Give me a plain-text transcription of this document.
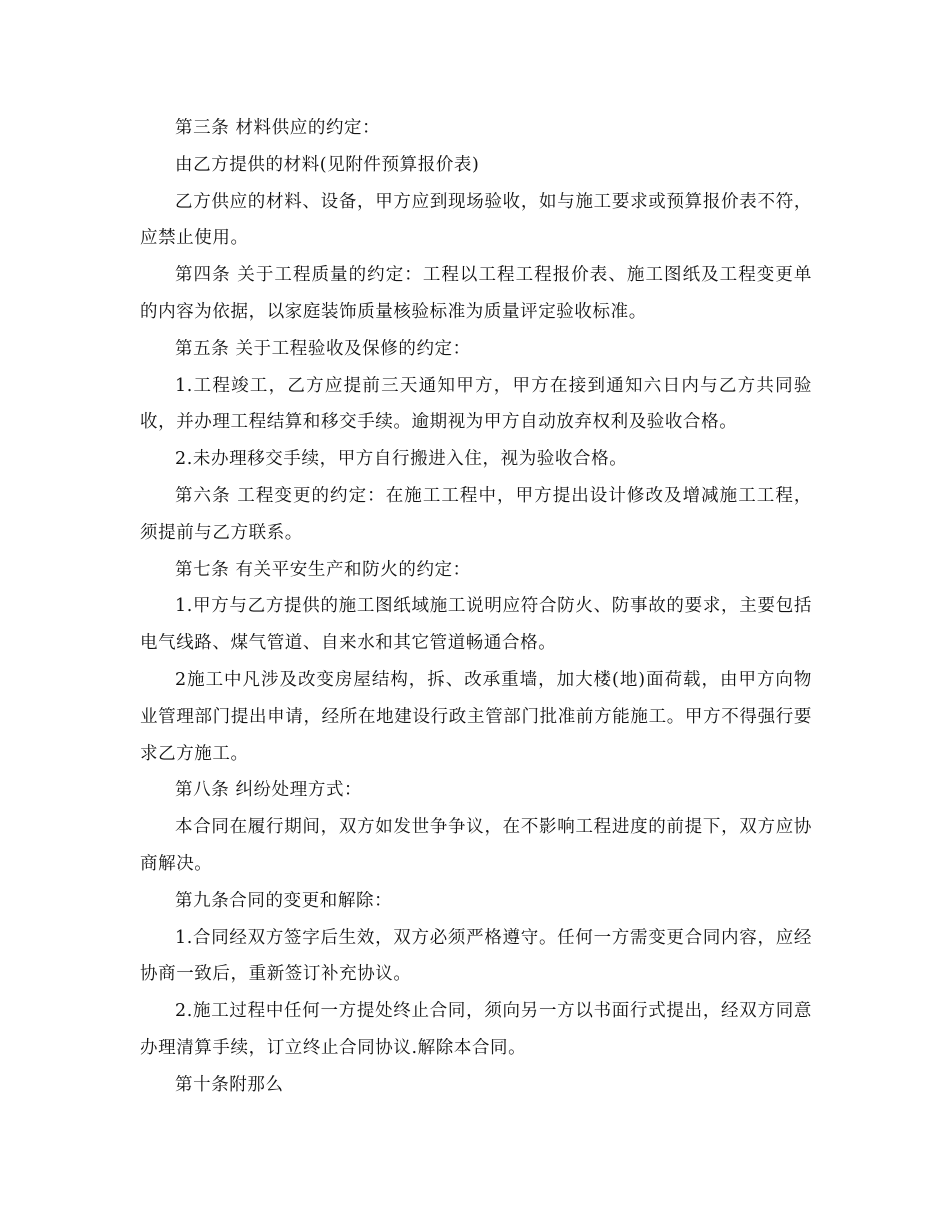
第三条 材料供应的约定：

由乙方提供的材料(见附件预算报价表)

乙方供应的材料、设备，甲方应到现场验收，如与施工要求或预算报价表不符，应禁止使用。

第四条 关于工程质量的约定：工程以工程工程报价表、施工图纸及工程变更单的内容为依据，以家庭装饰质量核验标准为质量评定验收标准。

第五条 关于工程验收及保修的约定：

1.工程竣工，乙方应提前三天通知甲方，甲方在接到通知六日内与乙方共同验收，并办理工程结算和移交手续。逾期视为甲方自动放弃权利及验收合格。

2.未办理移交手续，甲方自行搬进入住，视为验收合格。

第六条 工程变更的约定：在施工工程中，甲方提出设计修改及增减施工工程，须提前与乙方联系。

第七条 有关平安生产和防火的约定：

1.甲方与乙方提供的施工图纸域施工说明应符合防火、防事故的要求，主要包括电气线路、煤气管道、自来水和其它管道畅通合格。

2施工中凡涉及改变房屋结构，拆、改承重墙，加大楼(地)面荷载，由甲方向物业管理部门提出申请，经所在地建设行政主管部门批准前方能施工。甲方不得强行要求乙方施工。

第八条 纠纷处理方式：

本合同在履行期间，双方如发世争争议，在不影响工程进度的前提下，双方应协商解决。

第九条合同的变更和解除：

1.合同经双方签字后生效，双方必须严格遵守。任何一方需变更合同内容，应经协商一致后，重新签订补充协议。

2.施工过程中任何一方提处终止合同，须向另一方以书面行式提出，经双方同意办理清算手续，订立终止合同协议.解除本合同。

第十条附那么
